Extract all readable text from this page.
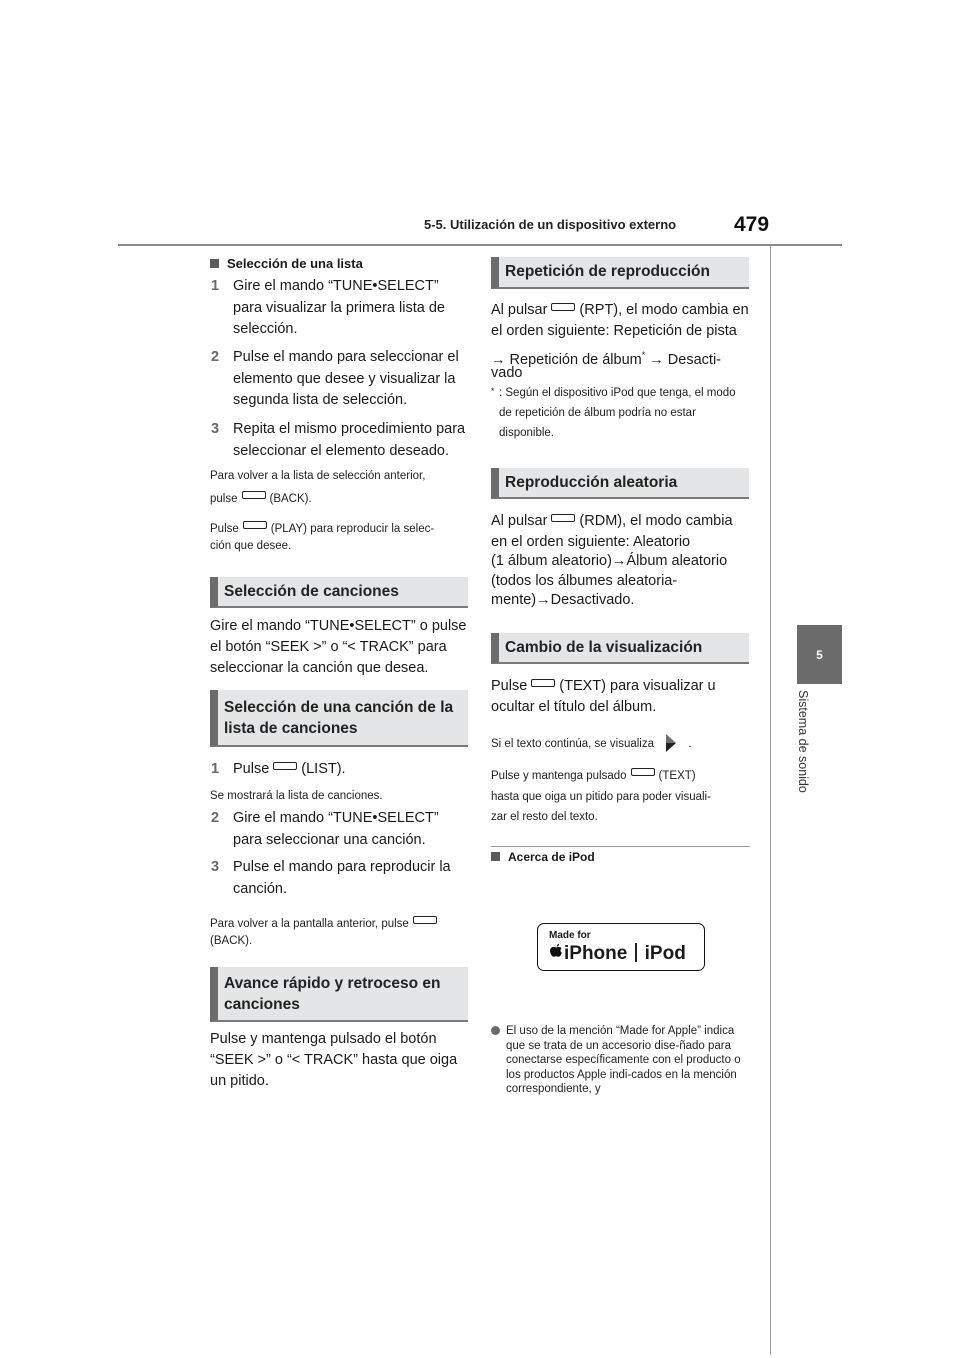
5-5. Utilización de un dispositivo externo	479
5
Sistema de sonido
Selección de una lista
1 Gire el mando “TUNE•SELECT” para visualizar la primera lista de selección.
2 Pulse el mando para seleccionar el elemento que desee y visualizar la segunda lista de selección.
3 Repita el mismo procedimiento para seleccionar el elemento deseado.
Para volver a la lista de selección anterior,
pulse	(BACK).
Pulse	(PLAY) para reproducir la selec-
ción que desee.
Selección de canciones
Gire el mando “TUNE•SELECT” o pulse el botón “SEEK >” o “< TRACK” para seleccionar la canción que desea.
Selección de una canción de la
lista de canciones
1 Pulse (LIST).
Se mostrará la lista de canciones.
2 Gire el mando “TUNE•SELECT” para seleccionar una canción.
3 Pulse el mando para reproducir la canción.
Para volver a la pantalla anterior, pulse
(BACK).
Avance rápido y retroceso en
canciones
Pulse y mantenga pulsado el botón “SEEK >” o “< TRACK” hasta que oiga un pitido.
Repetición de reproducción
Al pulsar (RPT), el modo cambia en
el orden siguiente: Repetición de pista
→ Repetición de álbum* → Desacti-
vado
* : Según el dispositivo iPod que tenga, el modo de repetición de álbum podría no estar disponible.
Reproducción aleatoria
Al pulsar (RDM), el modo cambia
en el orden siguiente: Aleatorio
(1 álbum aleatorio)→Álbum aleatorio
(todos los álbumes aleatoria-
mente)→Desactivado.
Cambio de la visualización
Pulse (TEXT) para visualizar u
ocultar el título del álbum.
Si el texto continúa, se visualiza	.
Pulse y mantenga pulsado	(TEXT)
hasta que oiga un pitido para poder visuali-
zar el resto del texto.
Acerca de iPod
Made for
iPhone iPod
El uso de la mención “Made for Apple” indica que se trata de un accesorio dise-ñado para conectarse específicamente con el producto o los productos Apple indi-cados en la mención correspondiente, y
